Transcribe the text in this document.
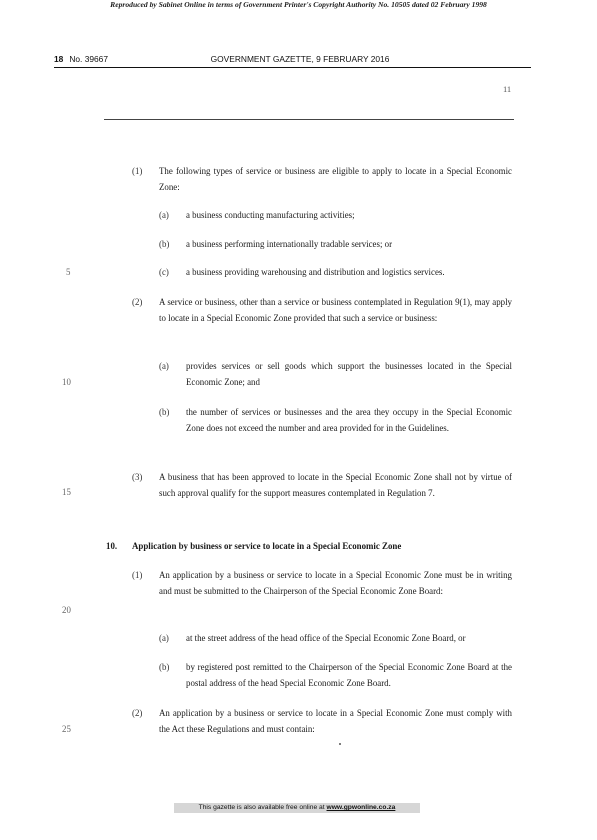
Reproduced by Sabinet Online in terms of Government Printer's Copyright Authority No. 10505 dated 02 February 1998
18 No. 39667	GOVERNMENT GAZETTE, 9 FEBRUARY 2016
11
5
10
15
20
25
(1) The following types of service or business are eligible to apply to locate in a Special Economic Zone:
(a) a business conducting manufacturing activities;
(b) a business performing internationally tradable services; or
(c) a business providing warehousing and distribution and logistics services.
(2) A service or business, other than a service or business contemplated in Regulation 9(1), may apply to locate in a Special Economic Zone provided that such a service or business:
(a) provides services or sell goods which support the businesses located in the Special Economic Zone; and
(b) the number of services or businesses and the area they occupy in the Special Economic Zone does not exceed the number and area provided for in the Guidelines.
(3) A business that has been approved to locate in the Special Economic Zone shall not by virtue of such approval qualify for the support measures contemplated in Regulation 7.
10. Application by business or service to locate in a Special Economic Zone
(1) An application by a business or service to locate in a Special Economic Zone must be in writing and must be submitted to the Chairperson of the Special Economic Zone Board:
(a) at the street address of the head office of the Special Economic Zone Board, or
(b) by registered post remitted to the Chairperson of the Special Economic Zone Board at the postal address of the head Special Economic Zone Board.
(2) An application by a business or service to locate in a Special Economic Zone must comply with the Act these Regulations and must contain:
This gazette is also available free online at www.gpwonline.co.za
